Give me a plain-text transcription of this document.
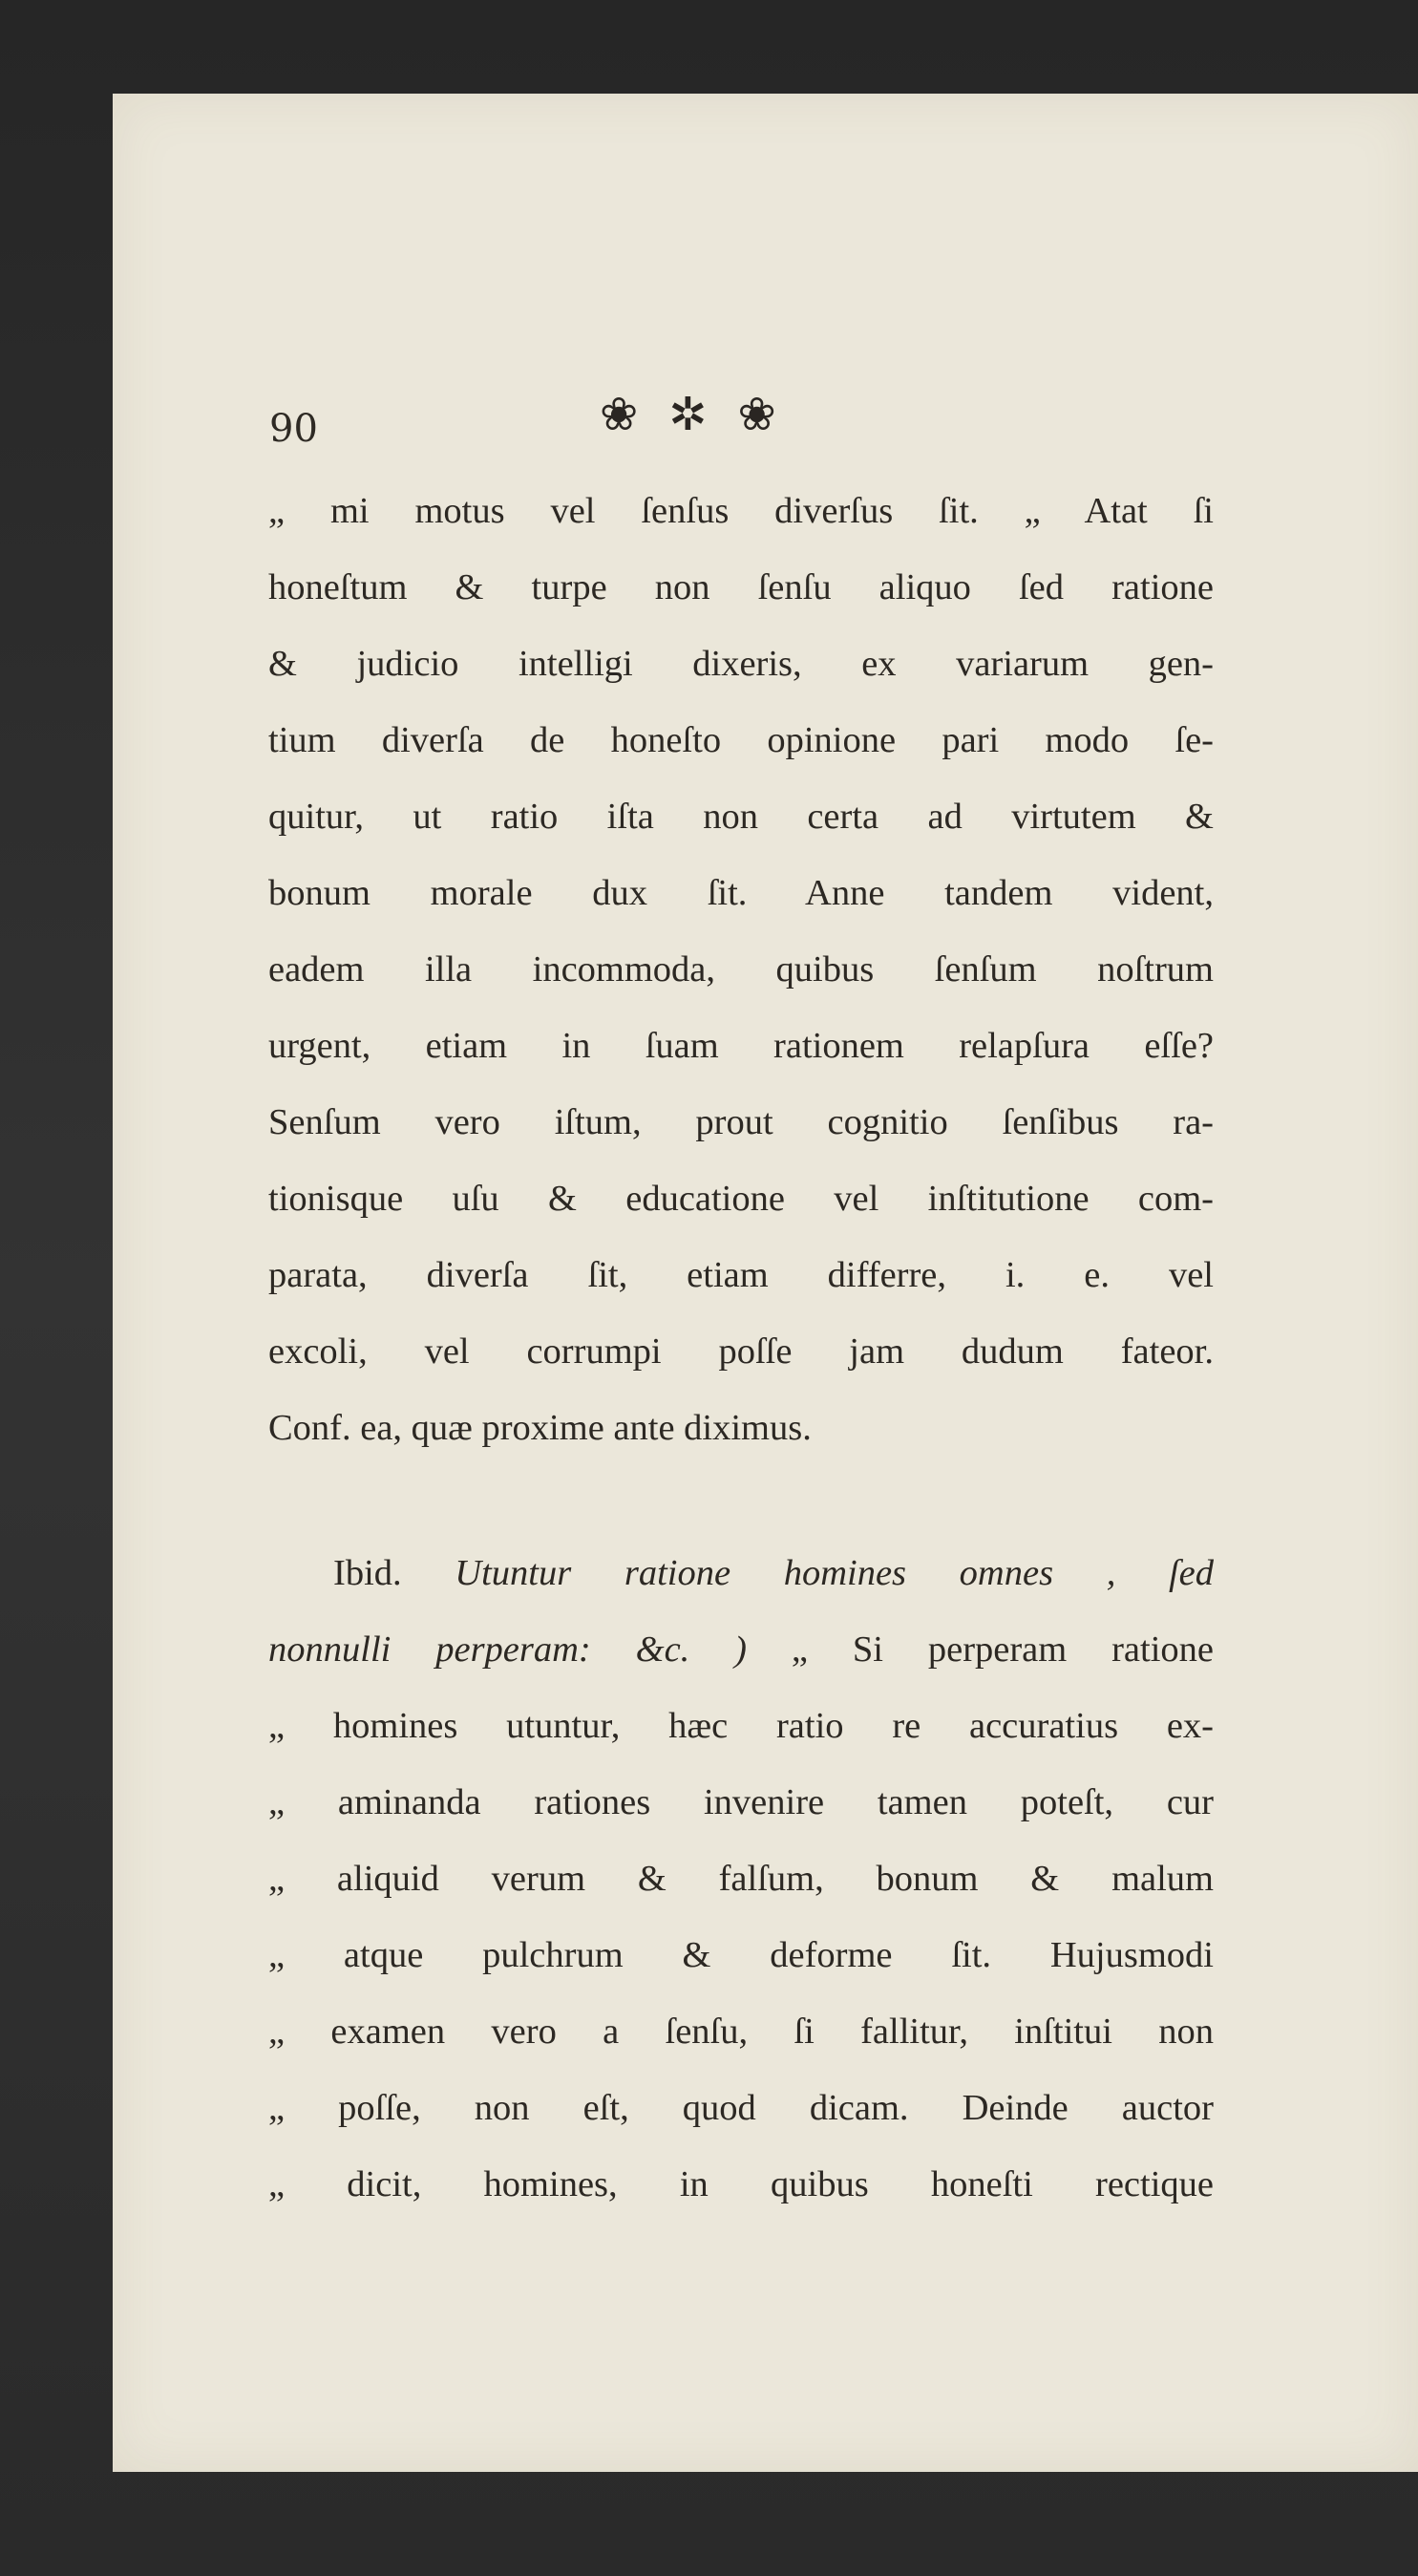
90	❀ ✲ ❀
„ mi motus vel ſenſus diverſus ſit. „ Atat ſi
honeſtum & turpe non ſenſu aliquo ſed ratione
& judicio intelligi dixeris, ex variarum gen-
tium diverſa de honeſto opinione pari modo ſe-
quitur, ut ratio iſta non certa ad virtutem &
bonum morale dux ſit. Anne tandem vident,
eadem illa incommoda, quibus ſenſum noſtrum
urgent, etiam in ſuam rationem relapſura eſſe?
Senſum vero iſtum, prout cognitio ſenſibus ra-
tionisque uſu & educatione vel inſtitutione com-
parata, diverſa ſit, etiam differre, i. e. vel
excoli, vel corrumpi poſſe jam dudum fateor.
Conf. ea, quæ proxime ante diximus.
Ibid. Utuntur ratione homines omnes , ſed
nonnulli perperam: &c. ) „ Si perperam ratione
„ homines utuntur, hæc ratio re accuratius ex-
„ aminanda rationes invenire tamen poteſt, cur
„ aliquid verum & falſum, bonum & malum
„ atque pulchrum & deforme ſit. Hujusmodi
„ examen vero a ſenſu, ſi fallitur, inſtitui non
„ poſſe, non eſt, quod dicam. Deinde auctor
„ dicit, homines, in quibus honeſti rectique
